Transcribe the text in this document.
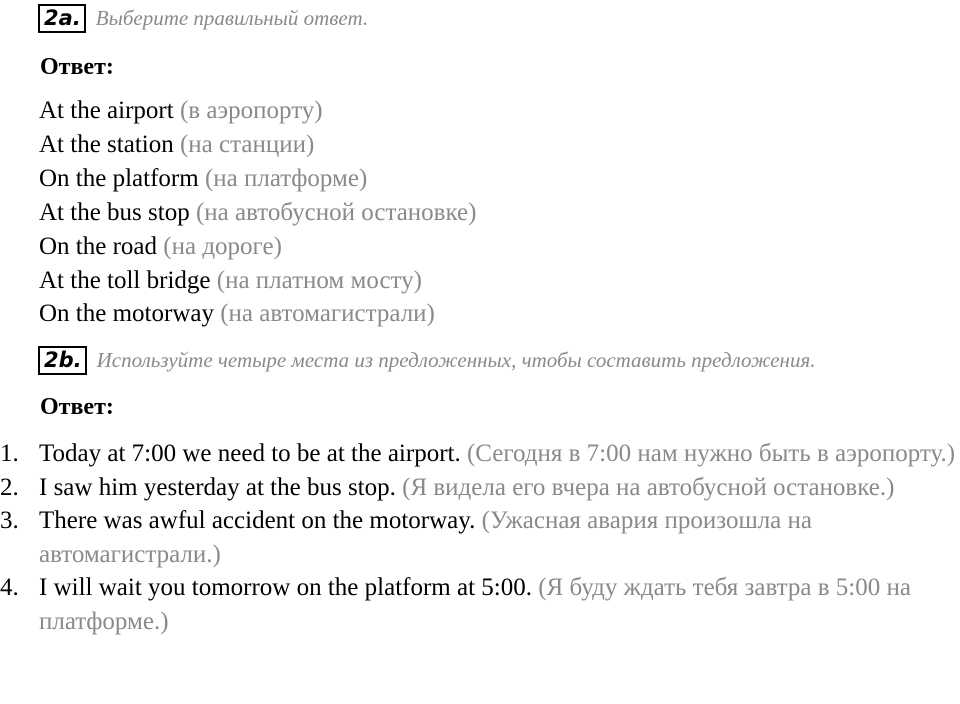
2a. Выберите правильный ответ.
Ответ:
At the airport (в аэропорту)
At the station (на станции)
On the platform (на платформе)
At the bus stop (на автобусной остановке)
On the road (на дороге)
At the toll bridge (на платном мосту)
On the motorway (на автомагистрали)
2b. Используйте четыре места из предложенных, чтобы составить предложения.
Ответ:
1. Today at 7:00 we need to be at the airport. (Сегодня в 7:00 нам нужно быть в аэропорту.)
2. I saw him yesterday at the bus stop. (Я видела его вчера на автобусной остановке.)
3. There was awful accident on the motorway. (Ужасная авария произошла на автомагистрали.)
4. I will wait you tomorrow on the platform at 5:00. (Я буду ждать тебя завтра в 5:00 на платформе.)
